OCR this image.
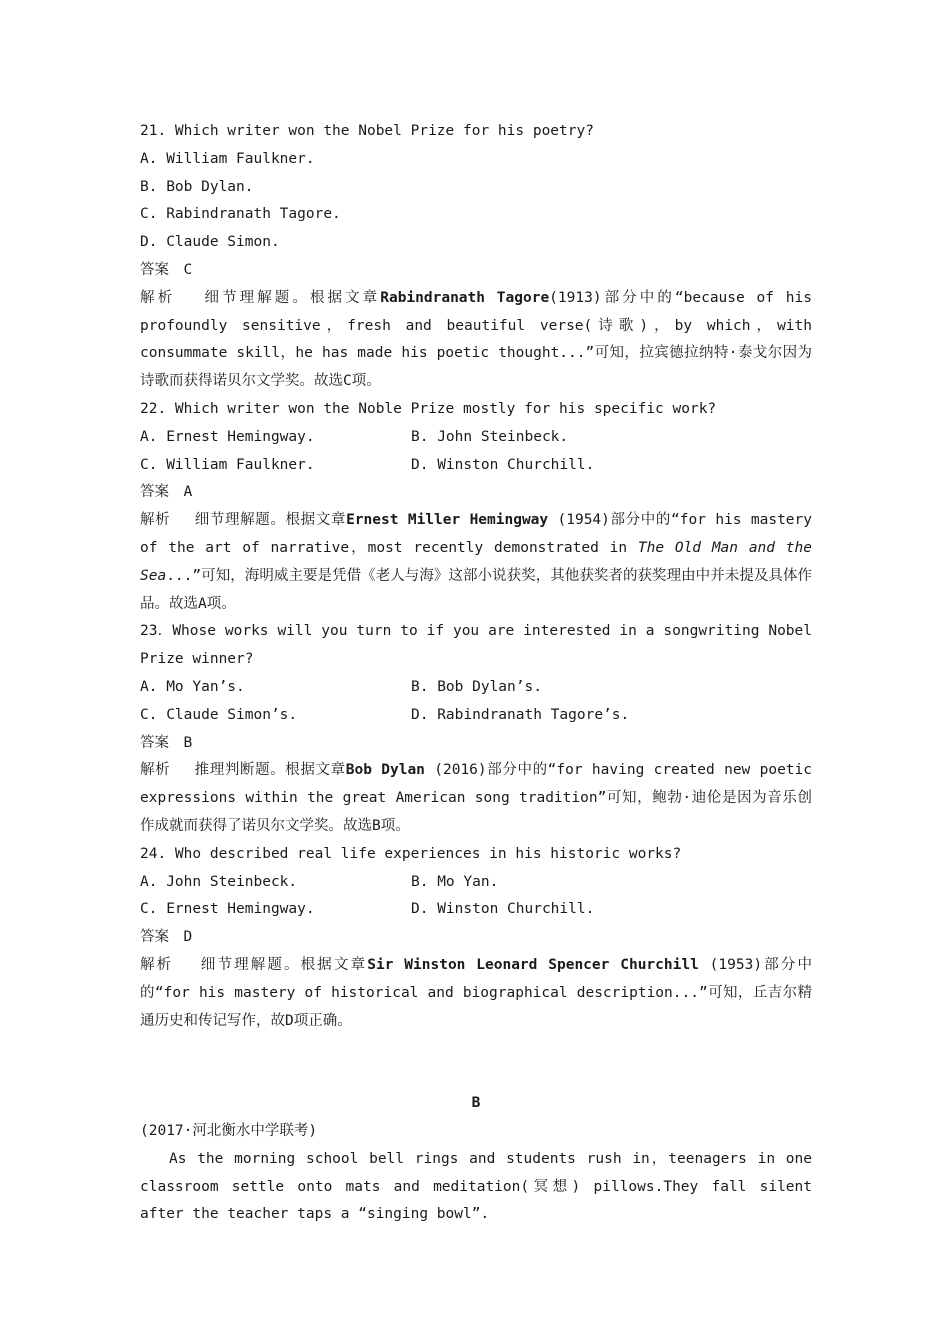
21. Which writer won the Nobel Prize for his poetry?
A. William Faulkner.
B. Bob Dylan.
C. Rabindranath Tagore.
D. Claude Simon.
答案　C
解析　 细节理解题。根据文章Rabindranath Tagore(1913)部分中的“because of his profoundly sensitive，fresh and beautiful verse(诗歌)，by which，with consummate skill，he has made his poetic thought...”可知，拉宾德拉纳特·泰戈尔因为诗歌而获得诺贝尔文学奖。故选C项。
22. Which writer won the Noble Prize mostly for his specific work?
A. Ernest Hemingway.	B. John Steinbeck.
C. William Faulkner.	D. Winston Churchill.
答案　A
解析　 细节理解题。根据文章Ernest Miller Hemingway (1954)部分中的“for his mastery of the art of narrative，most recently demonstrated in The Old Man and the Sea...”可知，海明威主要是凭借《老人与海》这部小说获奖，其他获奖者的获奖理由中并未提及具体作品。故选A项。
23．Whose works will you turn to if you are interested in a songwriting Nobel Prize winner?
A. Mo Yan’s.	B. Bob Dylan’s.
C. Claude Simon’s.	D. Rabindranath Tagore’s.
答案　B
解析　 推理判断题。根据文章Bob Dylan (2016)部分中的“for having created new poetic expressions within the great American song tradition”可知，鲍勃·迪伦是因为音乐创作成就而获得了诺贝尔文学奖。故选B项。
24. Who described real life experiences in his historic works?
A. John Steinbeck.	B. Mo Yan.
C. Ernest Hemingway.	D. Winston Churchill.
答案　D
解析　 细节理解题。根据文章Sir Winston Leonard Spencer Churchill (1953)部分中的“for his mastery of historical and biographical description...”可知，丘吉尔精通历史和传记写作，故D项正确。
B
(2017·河北衡水中学联考)
As the morning school bell rings and students rush in，teenagers in one classroom settle onto mats and meditation(冥想) pillows.They fall silent after the teacher taps a “singing bowl”.
